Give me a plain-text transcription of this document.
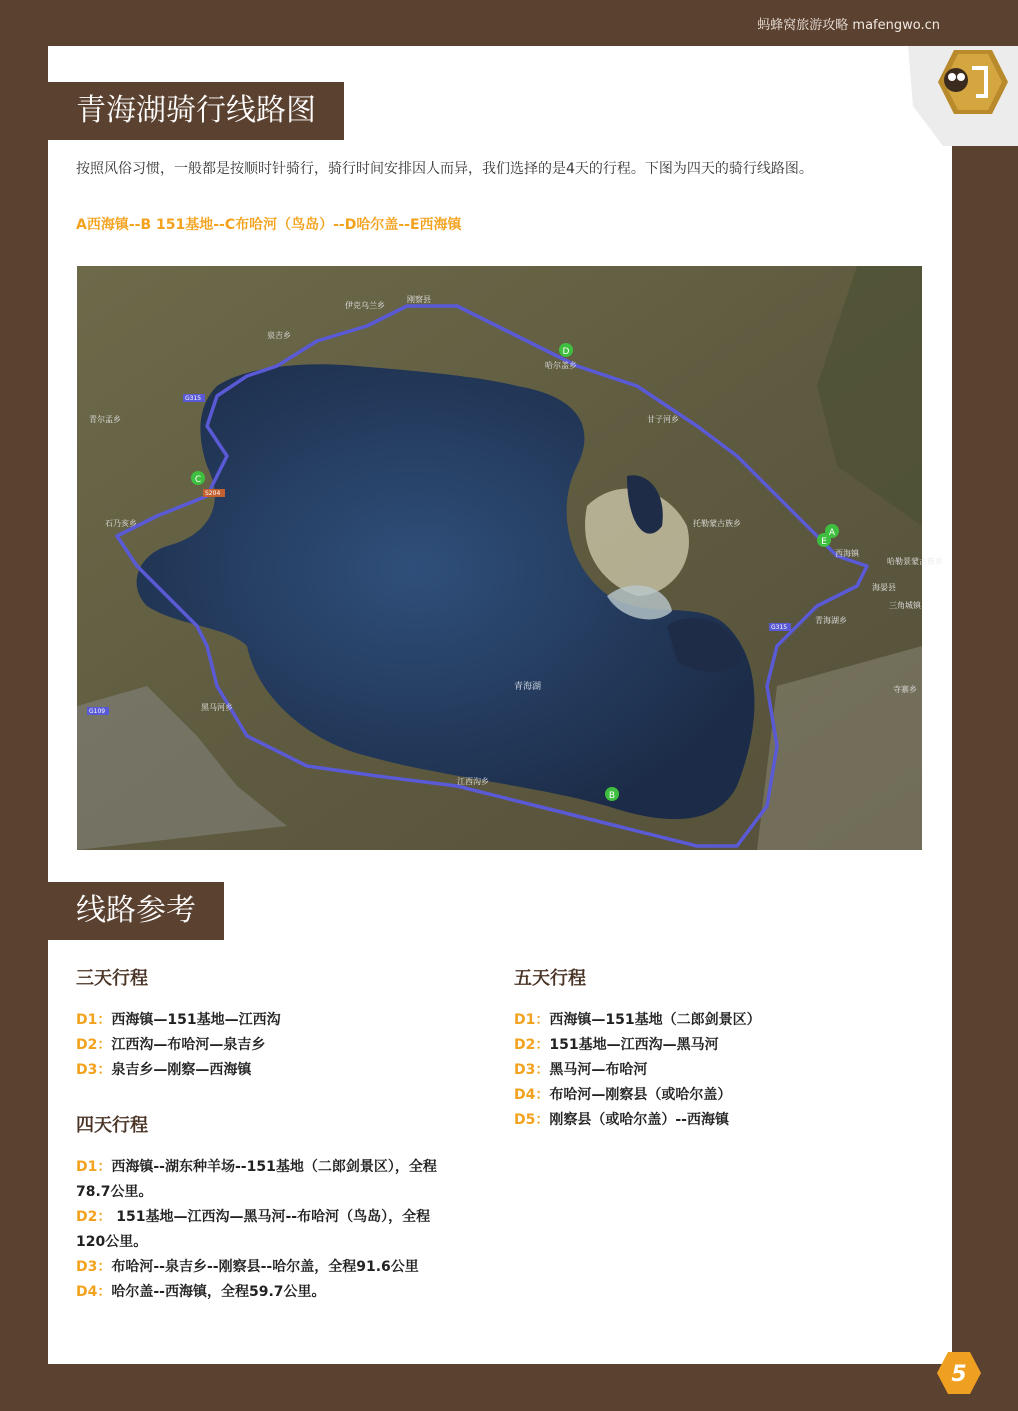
蚂蜂窝旅游攻略 mafengwo.cn
青海湖骑行线路图
按照风俗习惯，一般都是按顺时针骑行，骑行时间安排因人而异，我们选择的是4天的行程。下图为四天的骑行线路图。
A西海镇--B 151基地--C布哈河（鸟岛）--D哈尔盖--E西海镇
A
B
C
D
E
刚察县
伊克乌兰乡
泉吉乡
哈尔盖乡
甘子河乡
青尔孟乡
石乃亥乡	托勒蒙古族乡
海晏县
西海镇
哈勒景蒙古族乡
三角城镇
青海湖乡
黑马河乡
江西沟乡
寺寨乡
青海湖
G315
S204
G109
G315
线路参考
三天行程
D1：西海镇—151基地—江西沟
D2：江西沟—布哈河—泉吉乡
D3：泉吉乡—刚察—西海镇
四天行程
D1：西海镇--湖东种羊场--151基地（二郎剑景区），全程
78.7公里。
D2： 151基地—江西沟—黑马河--布哈河（鸟岛），全程
120公里。
D3：布哈河--泉吉乡--刚察县--哈尔盖，全程91.6公里
D4：哈尔盖--西海镇，全程59.7公里。
五天行程
D1：西海镇—151基地（二郎剑景区）
D2：151基地—江西沟—黑马河
D3：黑马河—布哈河
D4：布哈河—刚察县（或哈尔盖）
D5：刚察县（或哈尔盖）--西海镇
5
